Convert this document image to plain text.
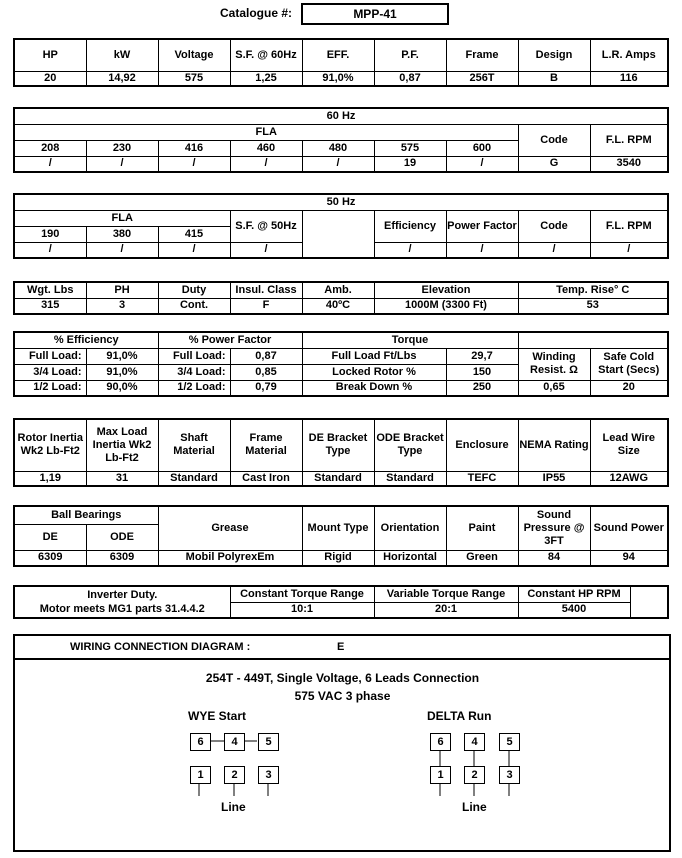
Catalogue #:	MPP-41
HP	kW	Voltage	S.F. @ 60Hz	EFF.	P.F.	Frame	Design	L.R. Amps
20	14,92	575	1,25	91,0%	0,87	256T	B	116
60 Hz								
FLA							Code	F.L. RPM
208	230	416	460	480	575	600		
/	/	/	/	/	19	/	G	3540
50 Hz								
FLA			S.F. @ 50Hz		Efficiency	Power Factor	Code	F.L. RPM
190	380	415						
/	/	/	/		/	/	/	/
Wgt. Lbs	PH	Duty	Insul. Class	Amb.	Elevation	Temp. Rise° C
315	3	Cont.	F	40ºC	1000M (3300 Ft)	53
% Efficiency		% Power Factor		Torque			
Full Load:	91,0%	Full Load:	0,87	Full Load Ft/Lbs	29,7	Winding Resist. Ω	Safe Cold Start (Secs)
3/4 Load:	91,0%	3/4 Load:	0,85	Locked Rotor %	150		
1/2 Load:	90,0%	1/2 Load:	0,79	Break Down %	250	0,65	20
Rotor Inertia Wk2 Lb-Ft2	Max Load Inertia Wk2 Lb-Ft2	Shaft Material	Frame Material	DE Bracket Type	ODE Bracket Type	Enclosure	NEMA Rating	Lead Wire Size
1,19	31	Standard	Cast Iron	Standard	Standard	TEFC	IP55	12AWG
Ball Bearings		Grease	Mount Type	Orientation	Paint	Sound Pressure @ 3FT	Sound Power
DE	ODE						
6309	6309	Mobil PolyrexEm	Rigid	Horizontal	Green	84	94
Inverter Duty.
Motor meets MG1 parts 31.4.4.2	Constant Torque Range	Variable Torque Range	Constant HP RPM	
	10:1	20:1	5400	
WIRING CONNECTION DIAGRAM :	E
254T - 449T, Single Voltage, 6 Leads Connection
575 VAC 3 phase
WYE Start	DELTA Run
6	4	5
1	2	3
Line
6	4	5
1	2	3
Line
